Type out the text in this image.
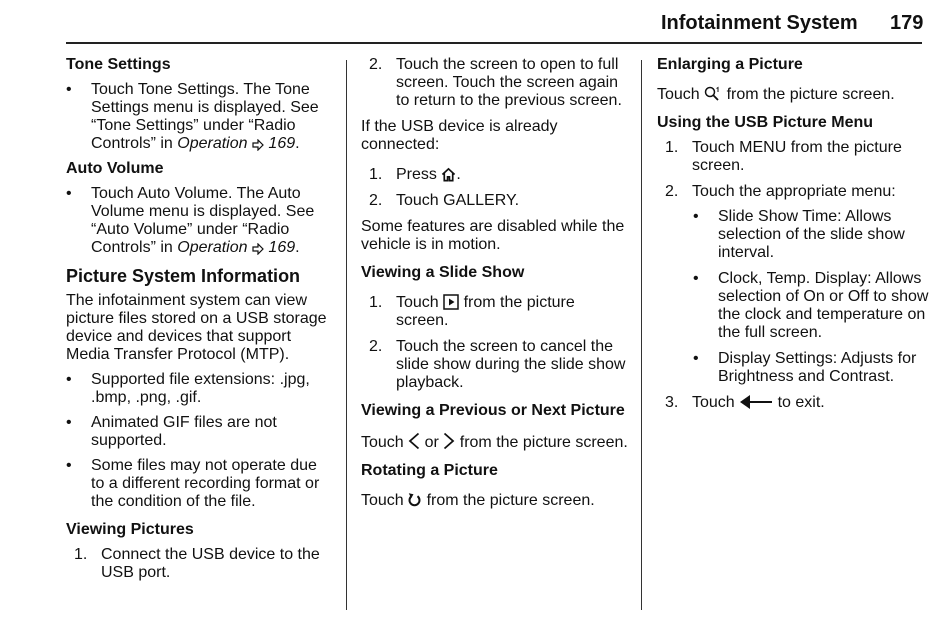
Infotainment System 179

Tone Settings

• Touch Tone Settings. The Tone Settings menu is displayed. See “Tone Settings” under “Radio Controls” in Operation 169.

Auto Volume

• Touch Auto Volume. The Auto Volume menu is displayed. See “Auto Volume” under “Radio Controls” in Operation 169.

Picture System Information

The infotainment system can view picture files stored on a USB storage device and devices that support Media Transfer Protocol (MTP).

• Supported file extensions: .jpg, .bmp, .png, .gif.

• Animated GIF files are not supported.

• Some files may not operate due to a different recording format or the condition of the file.

Viewing Pictures

1. Connect the USB device to the USB port.

2. Touch the screen to open to full screen. Touch the screen again to return to the previous screen.

If the USB device is already connected:

1. Press .

2. Touch GALLERY.

Some features are disabled while the vehicle is in motion.

Viewing a Slide Show

1. Touch from the picture screen.

2. Touch the screen to cancel the slide show during the slide show playback.

Viewing a Previous or Next Picture

Touch or from the picture screen.

Rotating a Picture

Touch from the picture screen.

Enlarging a Picture

Touch from the picture screen.

Using the USB Picture Menu

1. Touch MENU from the picture screen.

2. Touch the appropriate menu:

• Slide Show Time: Allows selection of the slide show interval.

• Clock, Temp. Display: Allows selection of On or Off to show the clock and temperature on the full screen.

• Display Settings: Adjusts for Brightness and Contrast.

3. Touch	to exit.
